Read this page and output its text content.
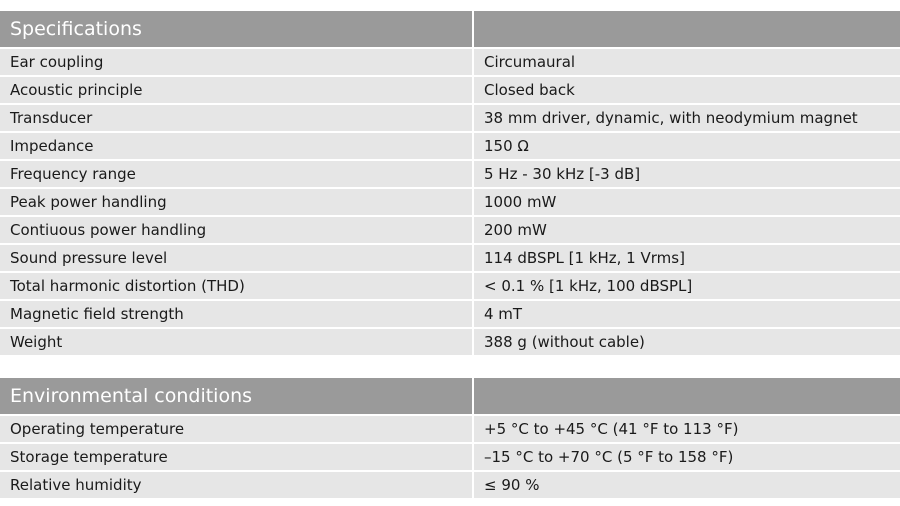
Specifications
Ear coupling	Circumaural
Acoustic principle	Closed back
Transducer	38 mm driver, dynamic, with neodymium magnet
Impedance	150 Ω
Frequency range	5 Hz - 30 kHz [-3 dB]
Peak power handling	1000 mW
Contiuous power handling	200 mW
Sound pressure level	114 dBSPL [1 kHz, 1 Vrms]
Total harmonic distortion (THD)	< 0.1 % [1 kHz, 100 dBSPL]
Magnetic field strength	4 mT
Weight	388 g (without cable)
Environmental conditions
Operating temperature	+5 °C to +45 °C (41 °F to 113 °F)
Storage temperature	–15 °C to +70 °C (5 °F to 158 °F)
Relative humidity	≤ 90 %
